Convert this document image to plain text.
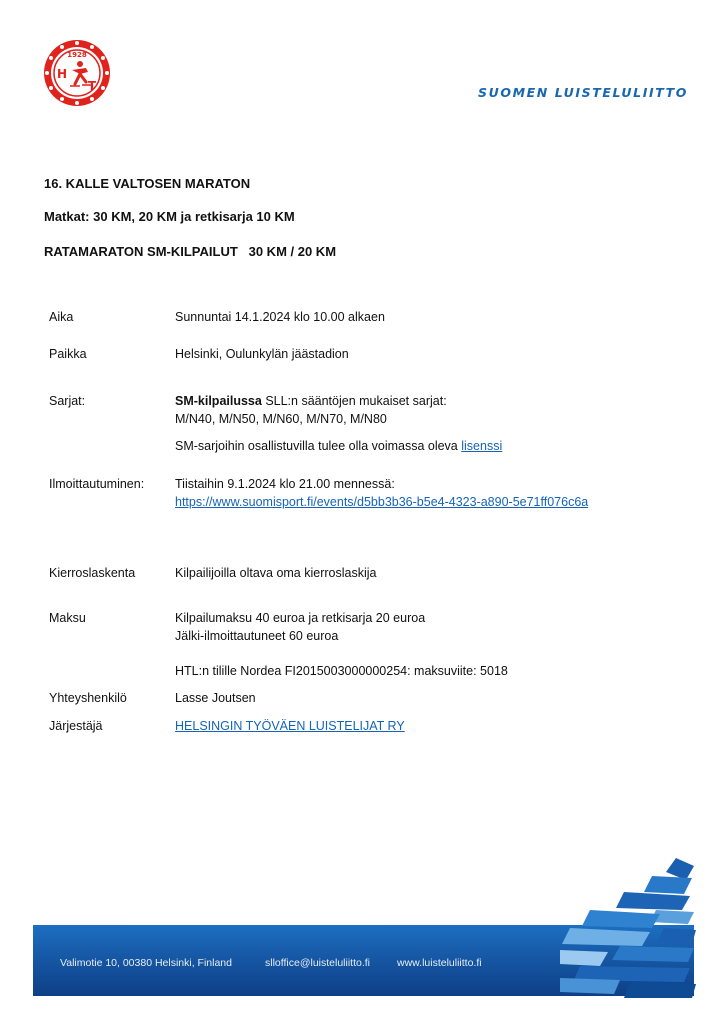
1928
H
T	SUOMEN LUISTELULIITTO
16. KALLE VALTOSEN MARATON
Matkat: 30 KM, 20 KM ja retkisarja 10 KM
RATAMARATON SM-KILPAILUT   30 KM / 20 KM
Aika	Sunnuntai 14.1.2024 klo 10.00 alkaen
Paikka	Helsinki, Oulunkylän jäästadion
Sarjat:	SM-kilpailussa SLL:n sääntöjen mukaiset sarjat:
M/N40, M/N50, M/N60, M/N70, M/N80
SM-sarjoihin osallistuvilla tulee olla voimassa oleva lisenssi
Ilmoittautuminen: Tiistaihin 9.1.2024 klo 21.00 mennessä:
https://www.suomisport.fi/events/d5bb3b36-b5e4-4323-a890-5e71ff076c6a
Kierroslaskenta	Kilpailijoilla oltava oma kierroslaskija
Maksu	Kilpailumaksu 40 euroa ja retkisarja 20 euroa
Jälki-ilmoittautuneet 60 euroa
HTL:n tilille Nordea FI2015003000000254: maksuviite: 5018
Yhteyshenkilö	Lasse Joutsen
Järjestäjä	HELSINGIN TYÖVÄEN LUISTELIJAT RY
Valimotie 10, 00380 Helsinki, Finland	slloffice@luisteluliitto.fi	www.luisteluliitto.fi
